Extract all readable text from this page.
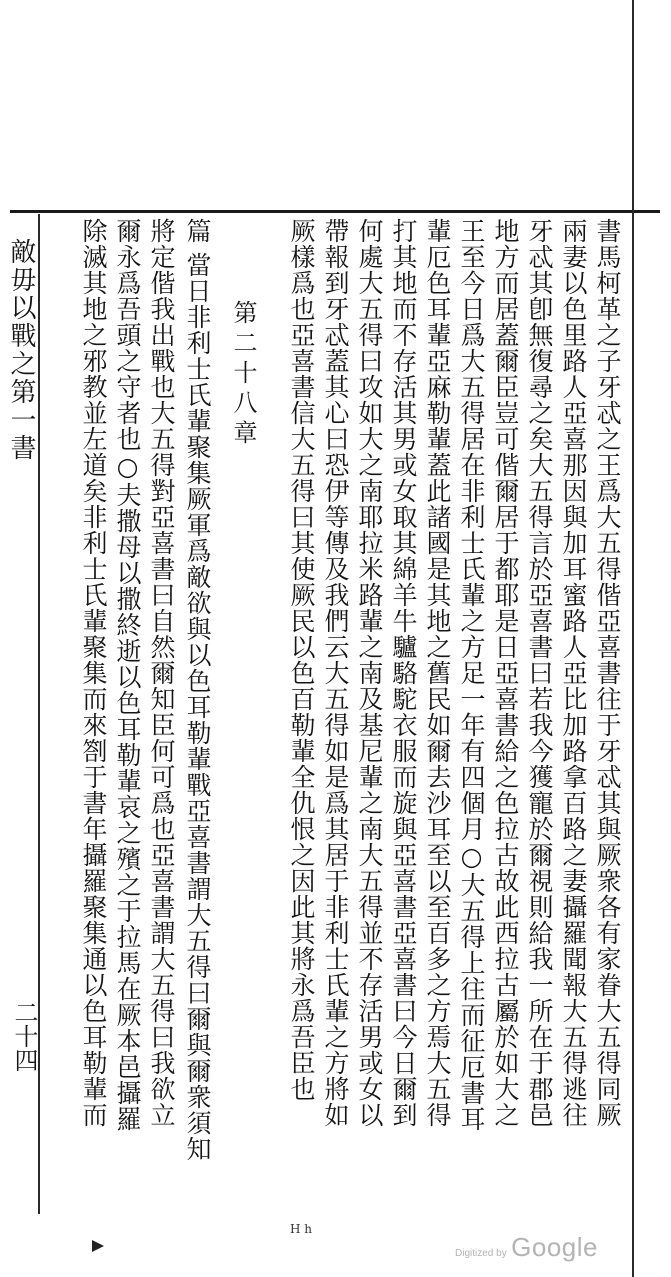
敵毋以戰之第一書
二十四	書馬柯革之子牙忒之王爲大五得偕亞喜書往于牙忒其與厥衆各有家眷大五得同厥
兩妻以色里路人亞喜那因與加耳蜜路人亞比加路拿百路之妻攝羅聞報大五得逃往
牙忒其卽無復尋之矣大五得言於亞喜書曰若我今獲寵於爾視則給我一所在于郡邑
地方而居蓋爾臣豈可偕爾居于都耶是日亞喜書給之色拉古故此西拉古屬於如大之
王至今日爲大五得居在非利士氏輩之方足一年有四個月○大五得上往而征厄書耳
輩厄色耳輩亞麻勒輩蓋此諸國是其地之舊民如爾去沙耳至以至百多之方焉大五得
打其地而不存活其男或女取其綿羊牛驢駱駝衣服而旋與亞喜書亞喜書曰今日爾到
何處大五得曰攻如大之南耶拉米路輩之南及基尼輩之南大五得並不存活男或女以
帶報到牙忒蓋其心曰恐伊等傳及我們云大五得如是爲其居于非利士氏輩之方將如
厥樣爲也亞喜書信大五得曰其使厥民以色百勒輩全仇恨之因此其將永爲吾臣也
第二十八章
篇
當日非利士氏輩聚集厥軍爲敵欲與以色耳勒輩戰亞喜書謂大五得曰爾與爾衆須知
將定偕我出戰也大五得對亞喜書曰自然爾知臣何可爲也亞喜書謂大五得曰我欲立
爾永爲吾頭之守者也○夫撒母以撒終逝以色耳勒輩哀之殯之于拉馬在厥本邑攝羅
除滅其地之邪教並左道矣非利士氏輩聚集而來劄于書年攝羅聚集通以色耳勒輩而
H h
Digitized by Google
